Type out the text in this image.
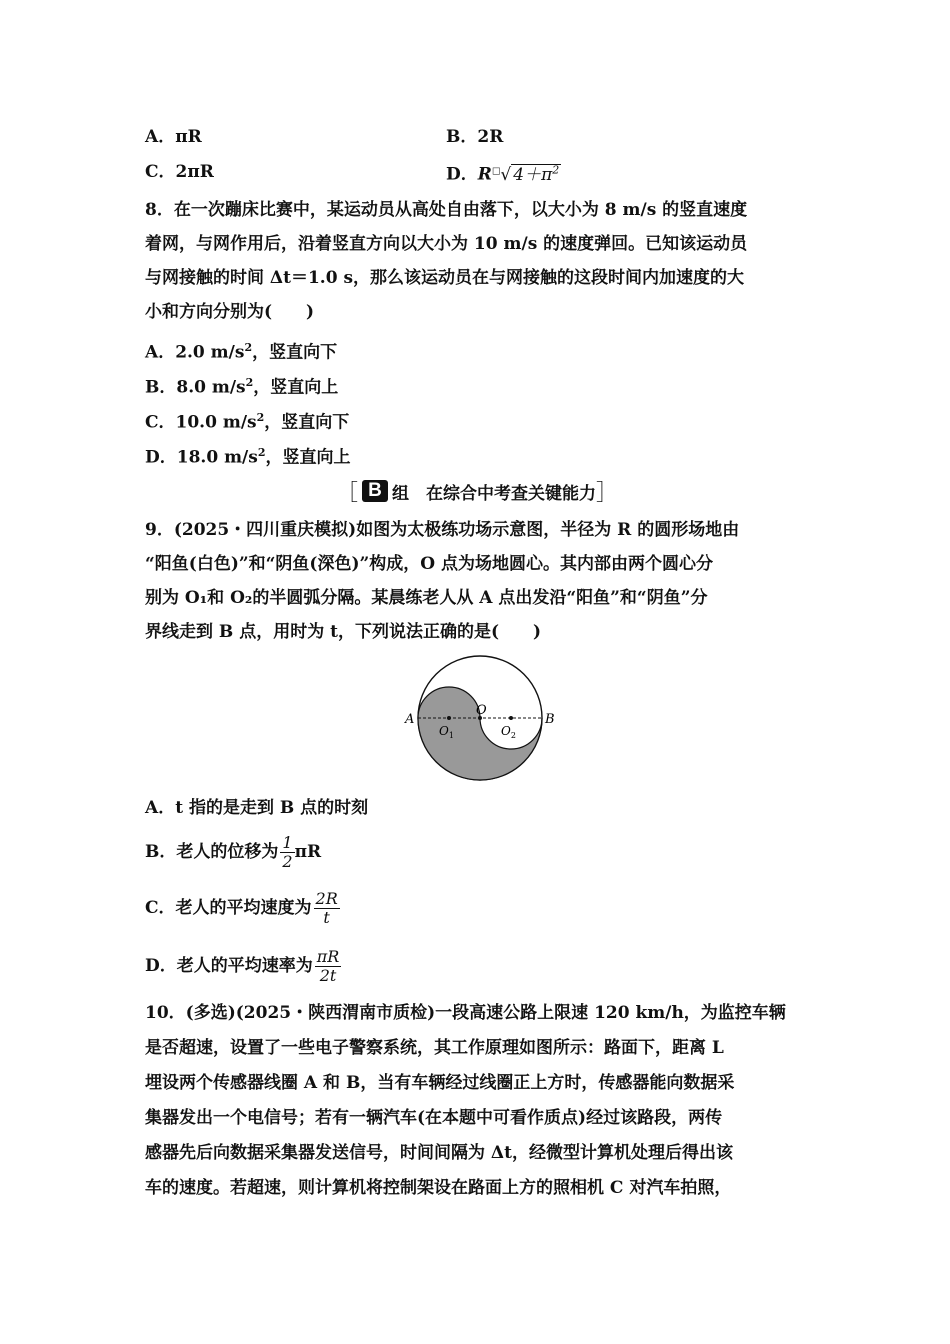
A．πR	B．2R
C．2πR	D．R□√ $4+\pi^2$
8．在一次蹦床比赛中，某运动员从高处自由落下，以大小为 8 m/s 的竖直速度
着网，与网作用后，沿着竖直方向以大小为 10 m/s 的速度弹回。已知该运动员
与网接触的时间 Δt＝1.0 s，那么该运动员在与网接触的这段时间内加速度的大
小和方向分别为(　　)
A．2.0 $m/s^2$，竖直向下
B．8.0 $m/s^2$，竖直向上
C．10.0 $m/s^2$，竖直向下
D．18.0 $m/s^2$，竖直向上
［ B 组　在综合中考查关键能力 ］
9．(2025・四川重庆模拟)如图为太极练功场示意图，半径为 R 的圆形场地由
“阳鱼(白色)”和“阴鱼(深色)”构成，O 点为场地圆心。其内部由两个圆心分
别为 O₁和 O₂的半圆弧分隔。某晨练老人从 A 点出发沿“阳鱼”和“阴鱼”分
界线走到 B 点，用时为 t，下列说法正确的是(　　)
A	B
O
$O_1$	$O_2$
A．t 指的是走到 B 点的时刻
B．老人的位移为 $\frac{1}{2}$ πR
C．老人的平均速度为 $\frac{2R}{t}$
D．老人的平均速率为 $\frac{\pi R}{2t}$
10．(多选)(2025・陕西渭南市质检)一段高速公路上限速 120 km/h，为监控车辆
是否超速，设置了一些电子警察系统，其工作原理如图所示：路面下，距离 L
埋设两个传感器线圈 A 和 B，当有车辆经过线圈正上方时，传感器能向数据采
集器发出一个电信号；若有一辆汽车(在本题中可看作质点)经过该路段，两传
感器先后向数据采集器发送信号，时间间隔为 Δt，经微型计算机处理后得出该
车的速度。若超速，则计算机将控制架设在路面上方的照相机 C 对汽车拍照，
